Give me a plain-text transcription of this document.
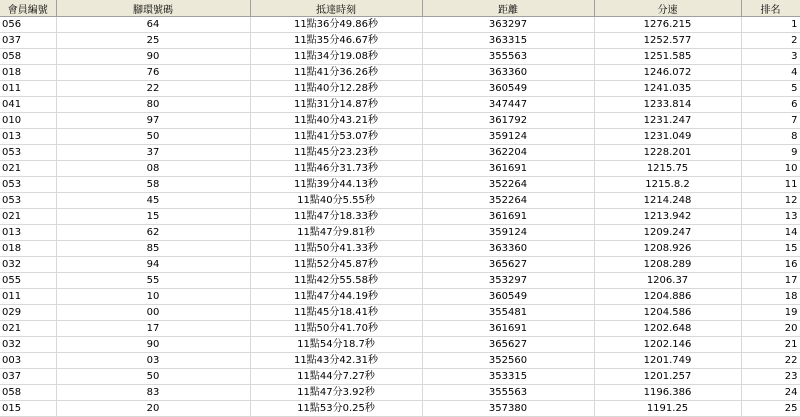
會員編號	腳環號碼	抵達時刻	距離	分速	排名
056	64	11點36分49.86秒	363297	1276.215	1
037	25	11點35分46.67秒	363315	1252.577	2
058	90	11點34分19.08秒	355563	1251.585	3
018	76	11點41分36.26秒	363360	1246.072	4
011	22	11點40分12.28秒	360549	1241.035	5
041	80	11點31分14.87秒	347447	1233.814	6
010	97	11點40分43.21秒	361792	1231.247	7
013	50	11點41分53.07秒	359124	1231.049	8
053	37	11點45分23.23秒	362204	1228.201	9
021	08	11點46分31.73秒	361691	1215.75	10
053	58	11點39分44.13秒	352264	1215.8.2	11
053	45	11點40分5.55秒	352264	1214.248	12
021	15	11點47分18.33秒	361691	1213.942	13
013	62	11點47分9.81秒	359124	1209.247	14
018	85	11點50分41.33秒	363360	1208.926	15
032	94	11點52分45.87秒	365627	1208.289	16
055	55	11點42分55.58秒	353297	1206.37	17
011	10	11點47分44.19秒	360549	1204.886	18
029	00	11點45分18.41秒	355481	1204.586	19
021	17	11點50分41.70秒	361691	1202.648	20
032	90	11點54分18.7秒	365627	1202.146	21
003	03	11點43分42.31秒	352560	1201.749	22
037	50	11點44分7.27秒	353315	1201.257	23
058	83	11點47分3.92秒	355563	1196.386	24
015	20	11點53分0.25秒	357380	1191.25	25
